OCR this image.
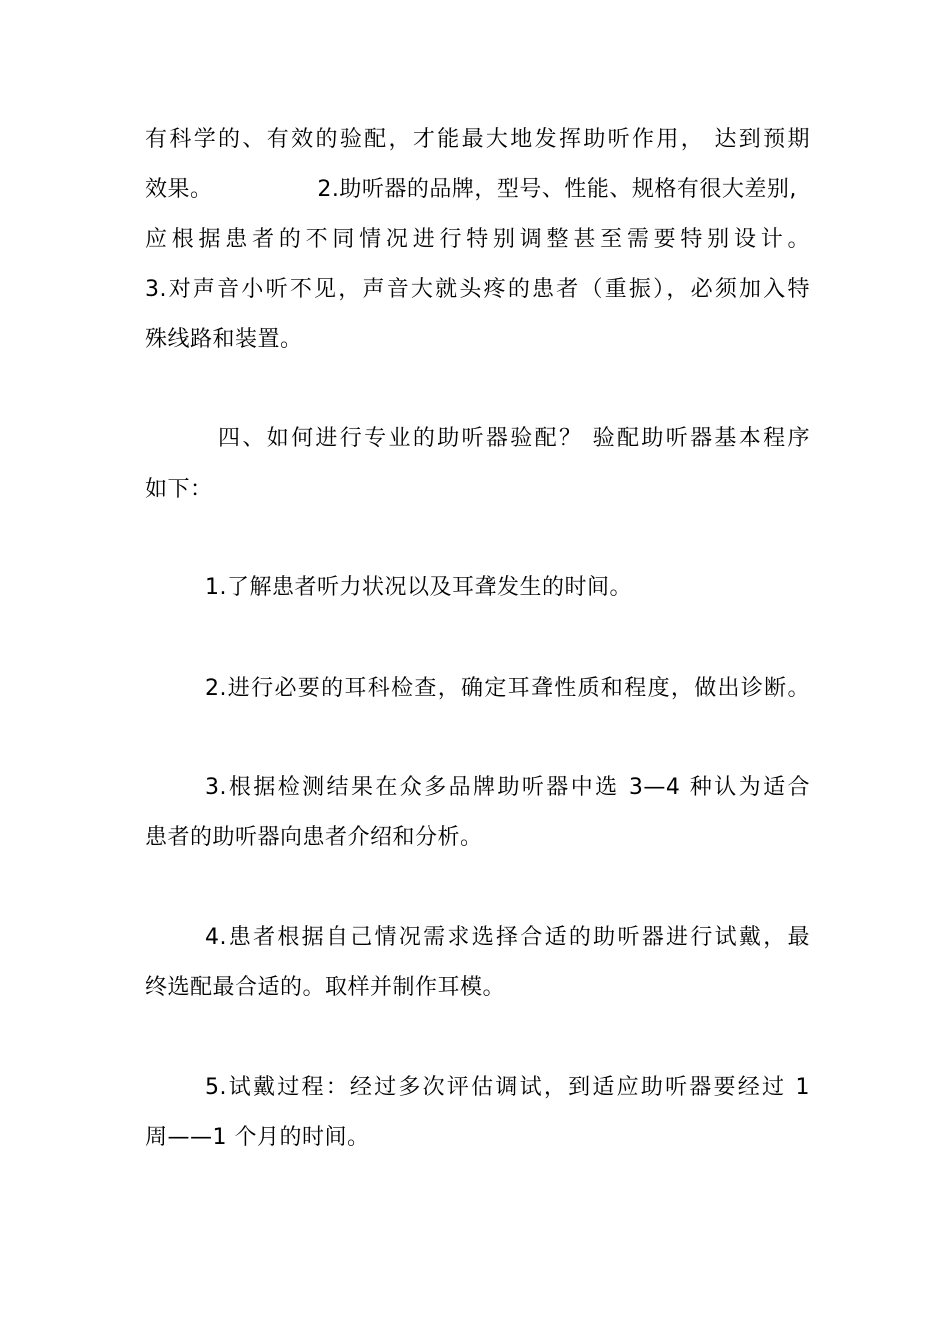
有科学的、有效的验配，才能最大地发挥助听作用， 达到预期
效果。              2.助听器的品牌，型号、性能、规格有很大差别,
应根据患者的不同情况进行特别调整甚至需要特别设计。
3.对声音小听不见，声音大就头疼的患者（重振），必须加入特
殊线路和装置。
四、如何进行专业的助听器验配？ 验配助听器基本程序
如下：
1.了解患者听力状况以及耳聋发生的时间。
2.进行必要的耳科检查，确定耳聋性质和程度，做出诊断。
3.根据检测结果在众多品牌助听器中选 3—4 种认为适合
患者的助听器向患者介绍和分析。
4.患者根据自己情况需求选择合适的助听器进行试戴，最
终选配最合适的。取样并制作耳模。
5.试戴过程：经过多次评估调试，到适应助听器要经过 1
周——1 个月的时间。
